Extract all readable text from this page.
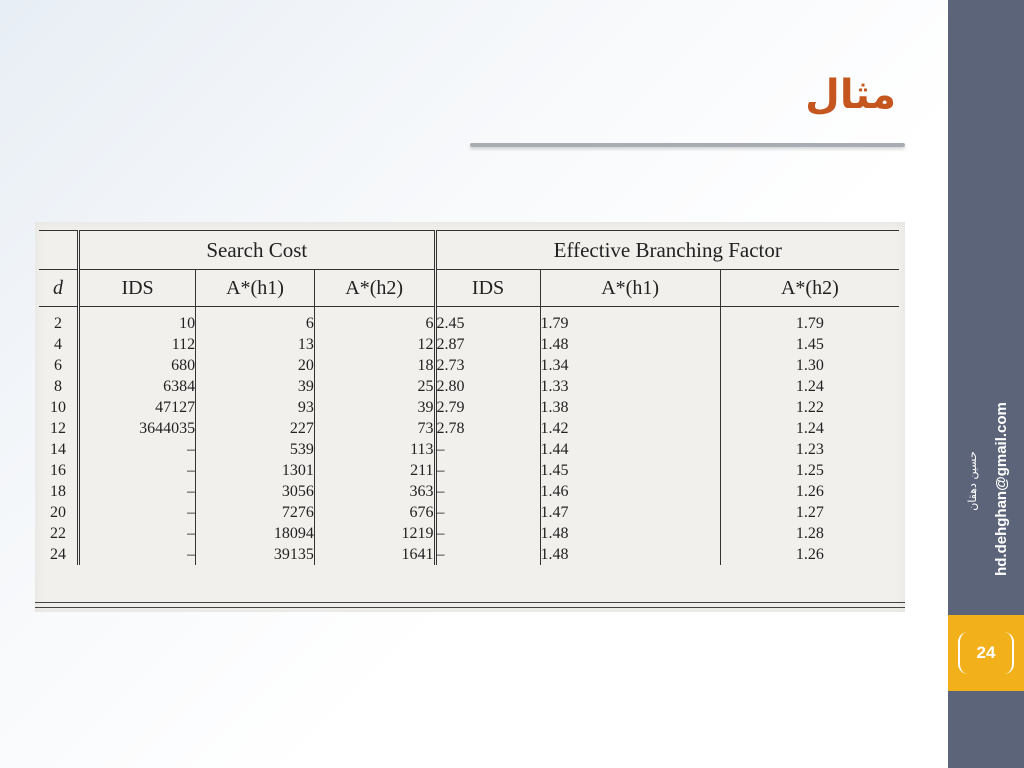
مثال
	Search Cost			Effective Branching Factor		
d	IDS	A*(h1)	A*(h2)	IDS	A*(h1)	A*(h2)
2	10	6	6	2.45	1.79	1.79
4	112	13	12	2.87	1.48	1.45
6	680	20	18	2.73	1.34	1.30
8	6384	39	25	2.80	1.33	1.24
10	47127	93	39	2.79	1.38	1.22
12	3644035	227	73	2.78	1.42	1.24
14	–	539	113	–	1.44	1.23
16	–	1301	211	–	1.45	1.25
18	–	3056	363	–	1.46	1.26
20	–	7276	676	–	1.47	1.27
22	–	18094	1219	–	1.48	1.28
24	–	39135	1641	–	1.48	1.26	hd.dehghan@gmail.com
حسین دهقان
24
